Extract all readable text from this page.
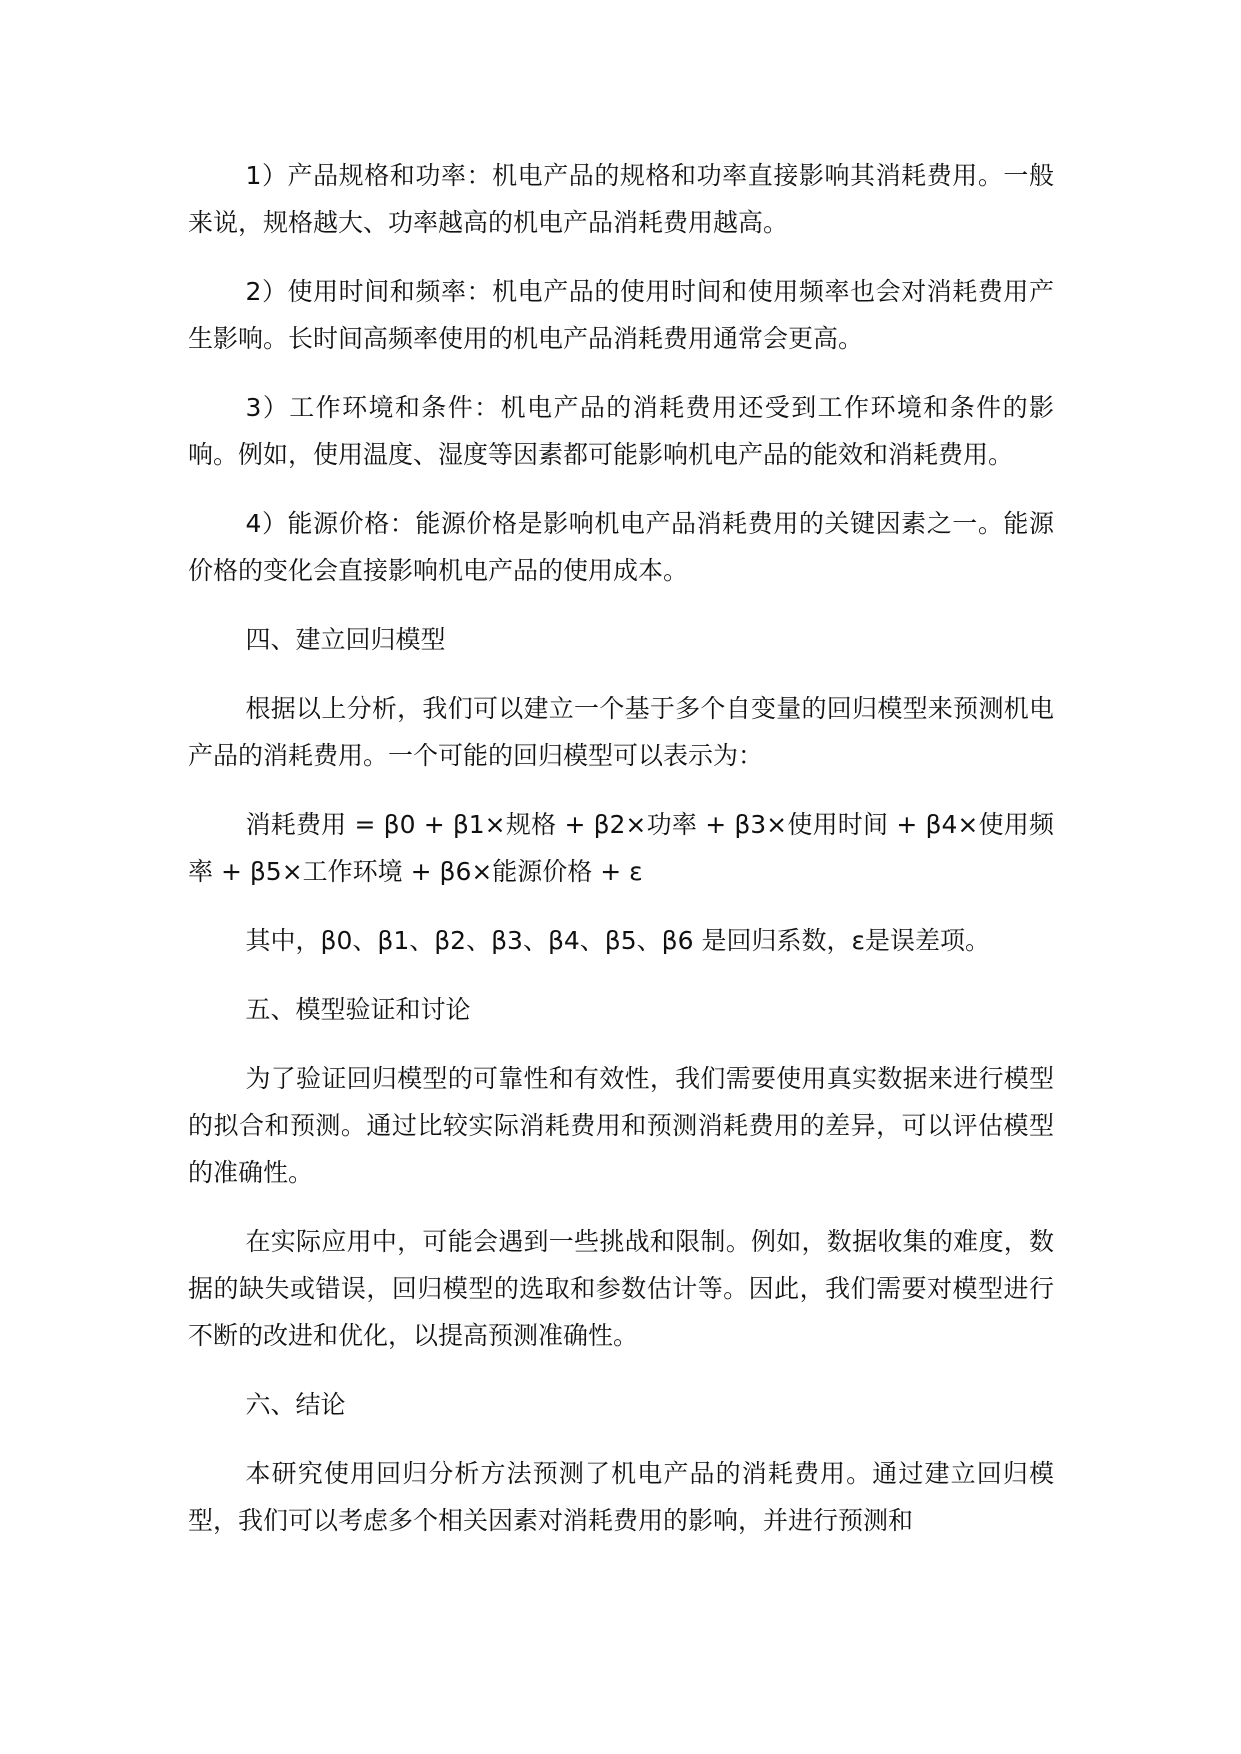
1）产品规格和功率：机电产品的规格和功率直接影响其消耗费用。一般来说，规格越大、功率越高的机电产品消耗费用越高。

2）使用时间和频率：机电产品的使用时间和使用频率也会对消耗费用产生影响。长时间高频率使用的机电产品消耗费用通常会更高。

3）工作环境和条件：机电产品的消耗费用还受到工作环境和条件的影响。例如，使用温度、湿度等因素都可能影响机电产品的能效和消耗费用。

4）能源价格：能源价格是影响机电产品消耗费用的关键因素之一。能源价格的变化会直接影响机电产品的使用成本。

四、建立回归模型

根据以上分析，我们可以建立一个基于多个自变量的回归模型来预测机电产品的消耗费用。一个可能的回归模型可以表示为：

消耗费用 = β0 + β1×规格 + β2×功率 + β3×使用时间 + β4×使用频率 + β5×工作环境 + β6×能源价格 + ε

其中，β0、β1、β2、β3、β4、β5、β6 是回归系数，ε是误差项。

五、模型验证和讨论

为了验证回归模型的可靠性和有效性，我们需要使用真实数据来进行模型的拟合和预测。通过比较实际消耗费用和预测消耗费用的差异，可以评估模型的准确性。

在实际应用中，可能会遇到一些挑战和限制。例如，数据收集的难度，数据的缺失或错误，回归模型的选取和参数估计等。因此，我们需要对模型进行不断的改进和优化，以提高预测准确性。

六、结论

本研究使用回归分析方法预测了机电产品的消耗费用。通过建立回归模型，我们可以考虑多个相关因素对消耗费用的影响，并进行预测和
